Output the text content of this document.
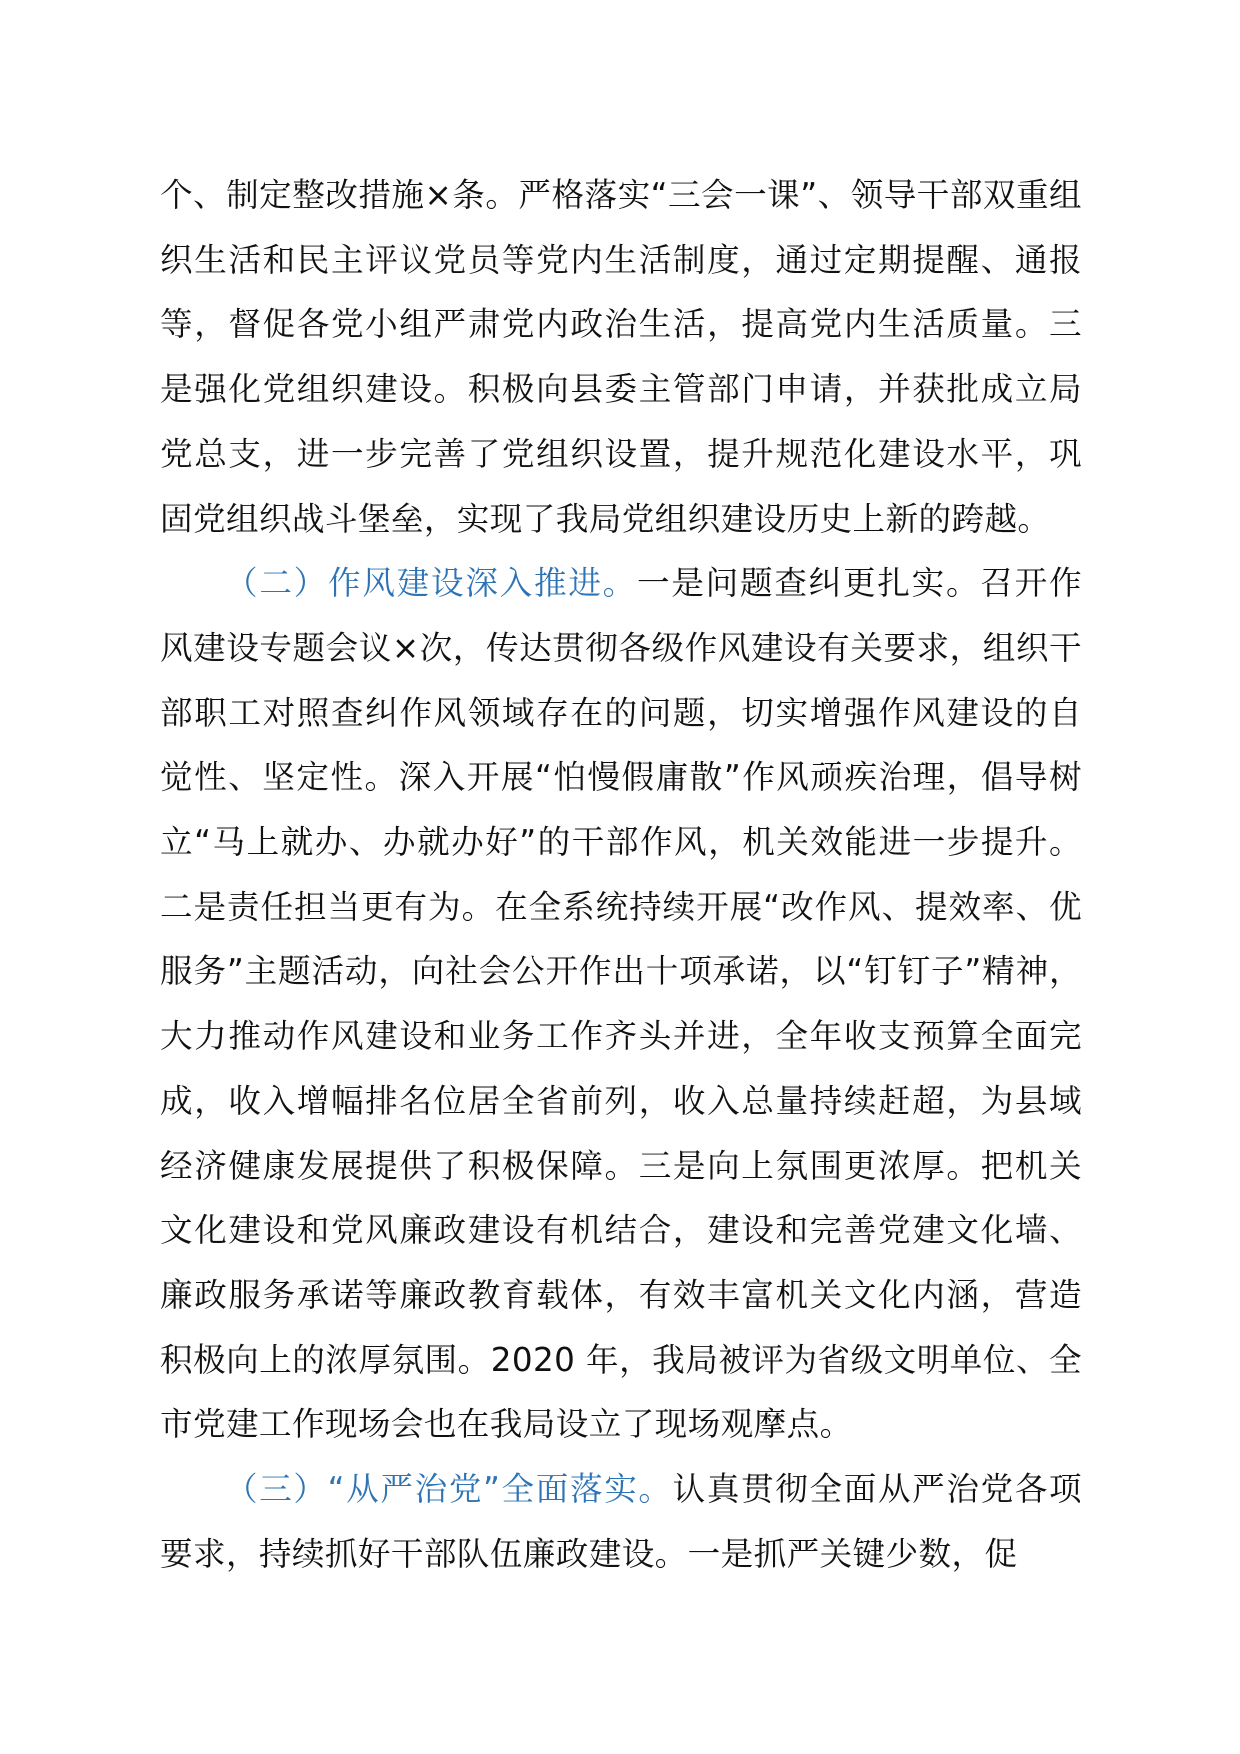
个、制定整改措施×条。严格落实“三会一课”、领导干部双重组织生活和民主评议党员等党内生活制度，通过定期提醒、通报等，督促各党小组严肃党内政治生活，提高党内生活质量。三是强化党组织建设。积极向县委主管部门申请，并获批成立局党总支，进一步完善了党组织设置，提升规范化建设水平，巩固党组织战斗堡垒，实现了我局党组织建设历史上新的跨越。

（二）作风建设深入推进。一是问题查纠更扎实。召开作风建设专题会议×次，传达贯彻各级作风建设有关要求，组织干部职工对照查纠作风领域存在的问题，切实增强作风建设的自觉性、坚定性。深入开展“怕慢假庸散”作风顽疾治理，倡导树立“马上就办、办就办好”的干部作风，机关效能进一步提升。二是责任担当更有为。在全系统持续开展“改作风、提效率、优服务”主题活动，向社会公开作出十项承诺，以“钉钉子”精神，大力推动作风建设和业务工作齐头并进，全年收支预算全面完成，收入增幅排名位居全省前列，收入总量持续赶超，为县域经济健康发展提供了积极保障。三是向上氛围更浓厚。把机关文化建设和党风廉政建设有机结合，建设和完善党建文化墙、廉政服务承诺等廉政教育载体，有效丰富机关文化内涵，营造积极向上的浓厚氛围。2020 年，我局被评为省级文明单位、全市党建工作现场会也在我局设立了现场观摩点。

（三）“从严治党”全面落实。认真贯彻全面从严治党各项要求，持续抓好干部队伍廉政建设。一是抓严关键少数，促
